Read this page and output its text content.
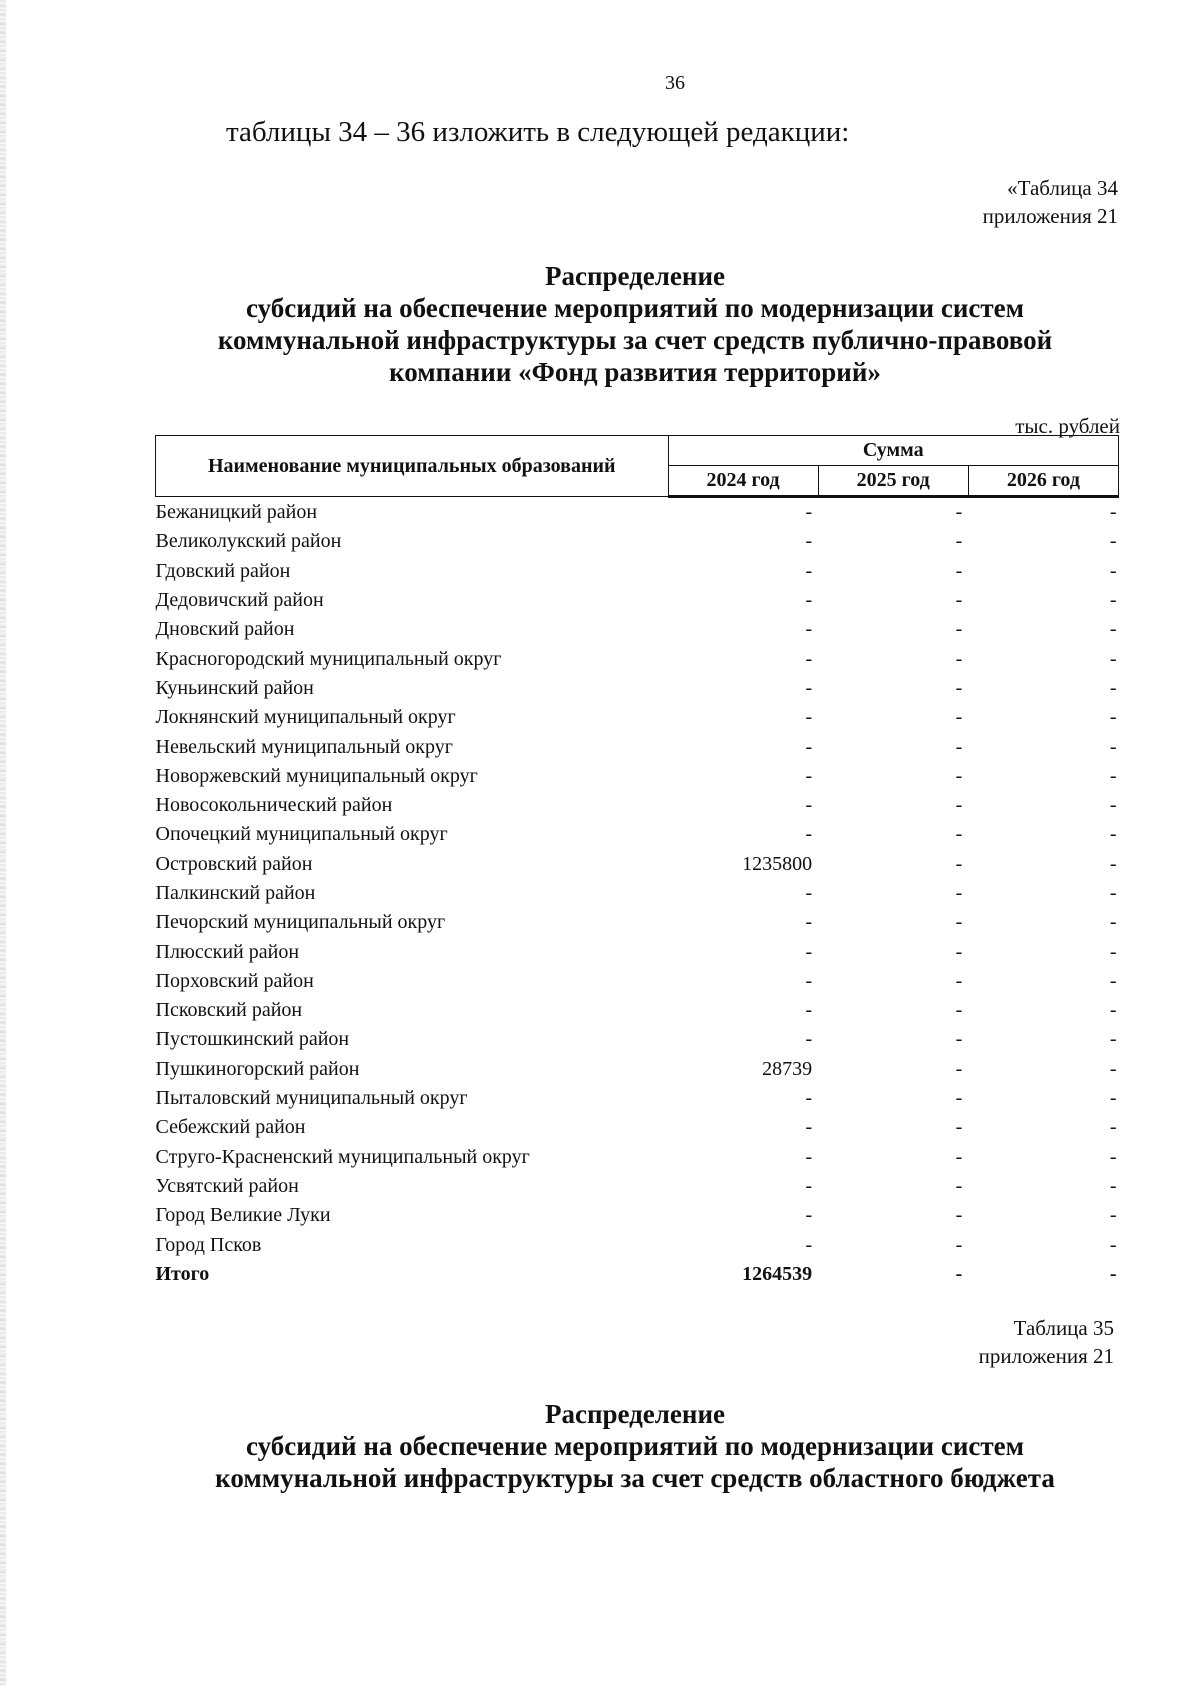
36
таблицы 34 – 36 изложить в следующей редакции:
«Таблица 34
приложения 21
Распределение
субсидий на обеспечение мероприятий по модернизации систем
коммунальной инфраструктуры за счет средств публично-правовой
компании «Фонд развития территорий»
тыс. рублей
Наименование муниципальных образований	Сумма		
	2024 год	2025 год	2026 год
Бежаницкий район	-	-	-
Великолукский район	-	-	-
Гдовский район	-	-	-
Дедовичский район	-	-	-
Дновский район	-	-	-
Красногородский муниципальный округ	-	-	-
Куньинский район	-	-	-
Локнянский муниципальный округ	-	-	-
Невельский муниципальный округ	-	-	-
Новоржевский муниципальный округ	-	-	-
Новосокольнический район	-	-	-
Опочецкий муниципальный округ	-	-	-
Островский район	1235800	-	-
Палкинский район	-	-	-
Печорский муниципальный округ	-	-	-
Плюсский район	-	-	-
Порховский район	-	-	-
Псковский район	-	-	-
Пустошкинский район	-	-	-
Пушкиногорский район	28739	-	-
Пыталовский муниципальный округ	-	-	-
Себежский район	-	-	-
Струго-Красненский муниципальный округ	-	-	-
Усвятский район	-	-	-
Город Великие Луки	-	-	-
Город Псков	-	-	-
Итого	1264539	-	-
Таблица 35
приложения 21
Распределение
субсидий на обеспечение мероприятий по модернизации систем
коммунальной инфраструктуры за счет средств областного бюджета
